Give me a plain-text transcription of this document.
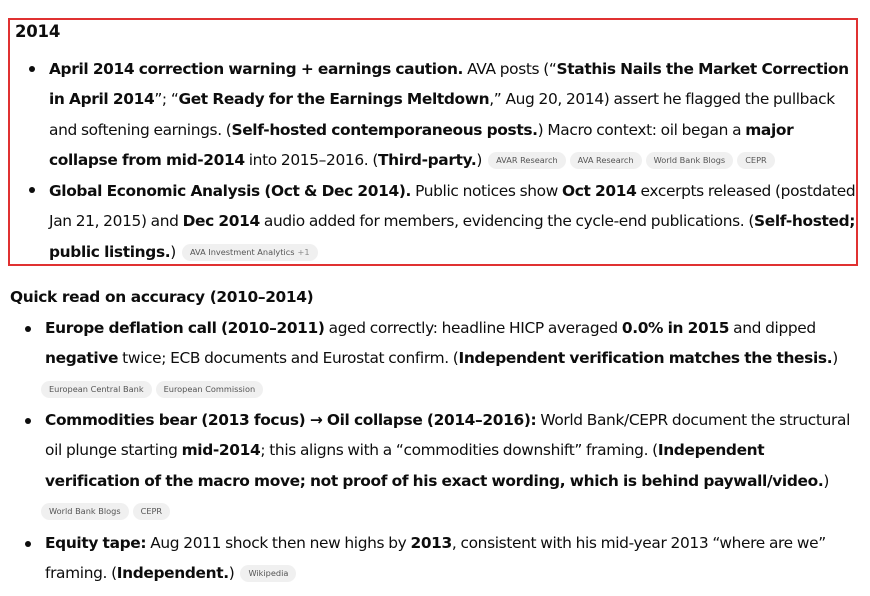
2014
April 2014 correction warning + earnings caution. AVA posts (“Stathis Nails the Market Correction in April 2014”; “Get Ready for the Earnings Meltdown,” Aug 20, 2014) assert he flagged the pullback and softening earnings. (Self-hosted contemporaneous posts.) Macro context: oil began a major collapse from mid-2014 into 2015–2016. (Third-party.) AVAR Research AVA Research World Bank Blogs CEPR
Global Economic Analysis (Oct & Dec 2014). Public notices show Oct 2014 excerpts released (postdated Jan 21, 2015) and Dec 2014 audio added for members, evidencing the cycle-end publications. (Self-hosted; public listings.) AVA Investment Analytics +1
Quick read on accuracy (2010–2014)
Europe deflation call (2010–2011) aged correctly: headline HICP averaged 0.0% in 2015 and dipped negative twice; ECB documents and Eurostat confirm. (Independent verification matches the thesis.)
European Central Bank European Commission
Commodities bear (2013 focus) → Oil collapse (2014–2016): World Bank/CEPR document the structural oil plunge starting mid-2014; this aligns with a “commodities downshift” framing. (Independent verification of the macro move; not proof of his exact wording, which is behind paywall/video.)
World Bank Blogs CEPR
Equity tape: Aug 2011 shock then new highs by 2013, consistent with his mid-year 2013 “where are we” framing. (Independent.) Wikipedia
